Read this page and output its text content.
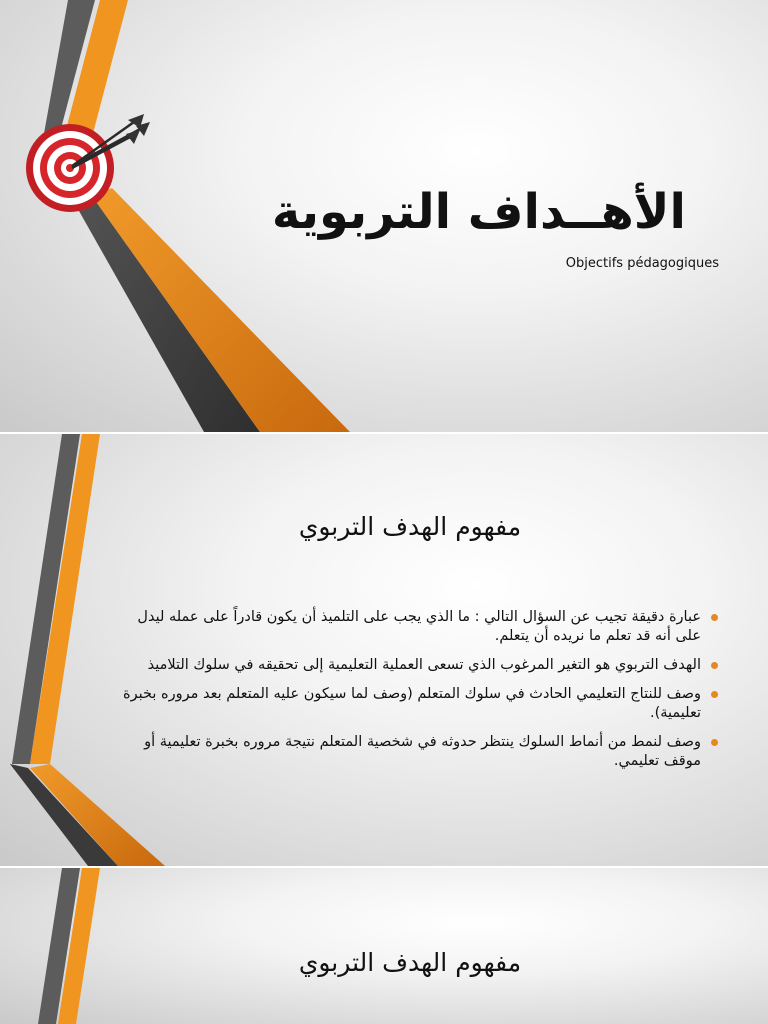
الأهــداف التربوية

Objectifs pédagogiques

مفهوم الهدف التربوي
عبارة دقيقة تجيب عن السؤال التالي : ما الذي يجب على التلميذ أن يكون قادراً على عمله ليدل على أنه قد تعلم ما نريده أن يتعلم.
الهدف التربوي هو التغير المرغوب الذي تسعى العملية التعليمية إلى تحقيقه في سلوك التلاميذ
وصف للنتاج التعليمي الحادث في سلوك المتعلم (وصف لما سيكون عليه المتعلم بعد مروره بخبرة تعليمية).
وصف لنمط من أنماط السلوك ينتظر حدوثه في شخصية المتعلم نتيجة مروره بخبرة تعليمية أو موقف تعليمي.
مفهوم الهدف التربوي
